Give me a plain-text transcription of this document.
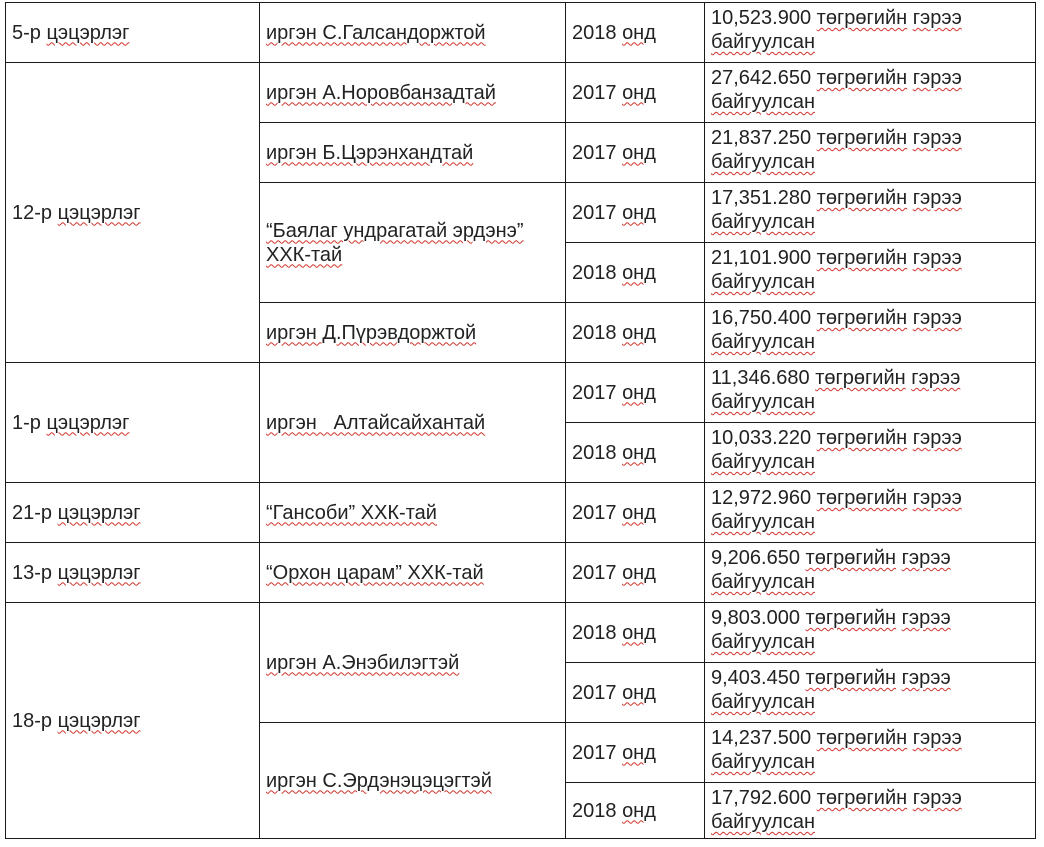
5-р цэцэрлэг	иргэн С.Галсандоржтой	2018 онд	10,523.900 төгрөгийн гэрээ байгуулсан
12-р цэцэрлэг	иргэн А.Норовбанзадтай	2017 онд	27,642.650 төгрөгийн гэрээ байгуулсан
	иргэн Б.Цэрэнхандтай	2017 онд	21,837.250 төгрөгийн гэрээ байгуулсан
	“Баялаг ундрагатай эрдэнэ” ХХК-тай	2017 онд	17,351.280 төгрөгийн гэрээ байгуулсан
		2018 онд	21,101.900 төгрөгийн гэрээ байгуулсан
	иргэн Д.Пүрэвдоржтой	2018 онд	16,750.400 төгрөгийн гэрээ байгуулсан
1-р цэцэрлэг	иргэн   Алтайсайхантай	2017 онд	11,346.680 төгрөгийн гэрээ байгуулсан
		2018 онд	10,033.220 төгрөгийн гэрээ байгуулсан
21-р цэцэрлэг	“Гансоби” ХХК-тай	2017 онд	12,972.960 төгрөгийн гэрээ байгуулсан
13-р цэцэрлэг	“Орхон царам” ХХК-тай	2017 онд	9,206.650 төгрөгийн гэрээ байгуулсан
18-р цэцэрлэг	иргэн А.Энэбилэгтэй	2018 онд	9,803.000 төгрөгийн гэрээ байгуулсан
		2017 онд	9,403.450 төгрөгийн гэрээ байгуулсан
	иргэн С.Эрдэнэцэцэгтэй	2017 онд	14,237.500 төгрөгийн гэрээ байгуулсан
		2018 онд	17,792.600 төгрөгийн гэрээ байгуулсан
